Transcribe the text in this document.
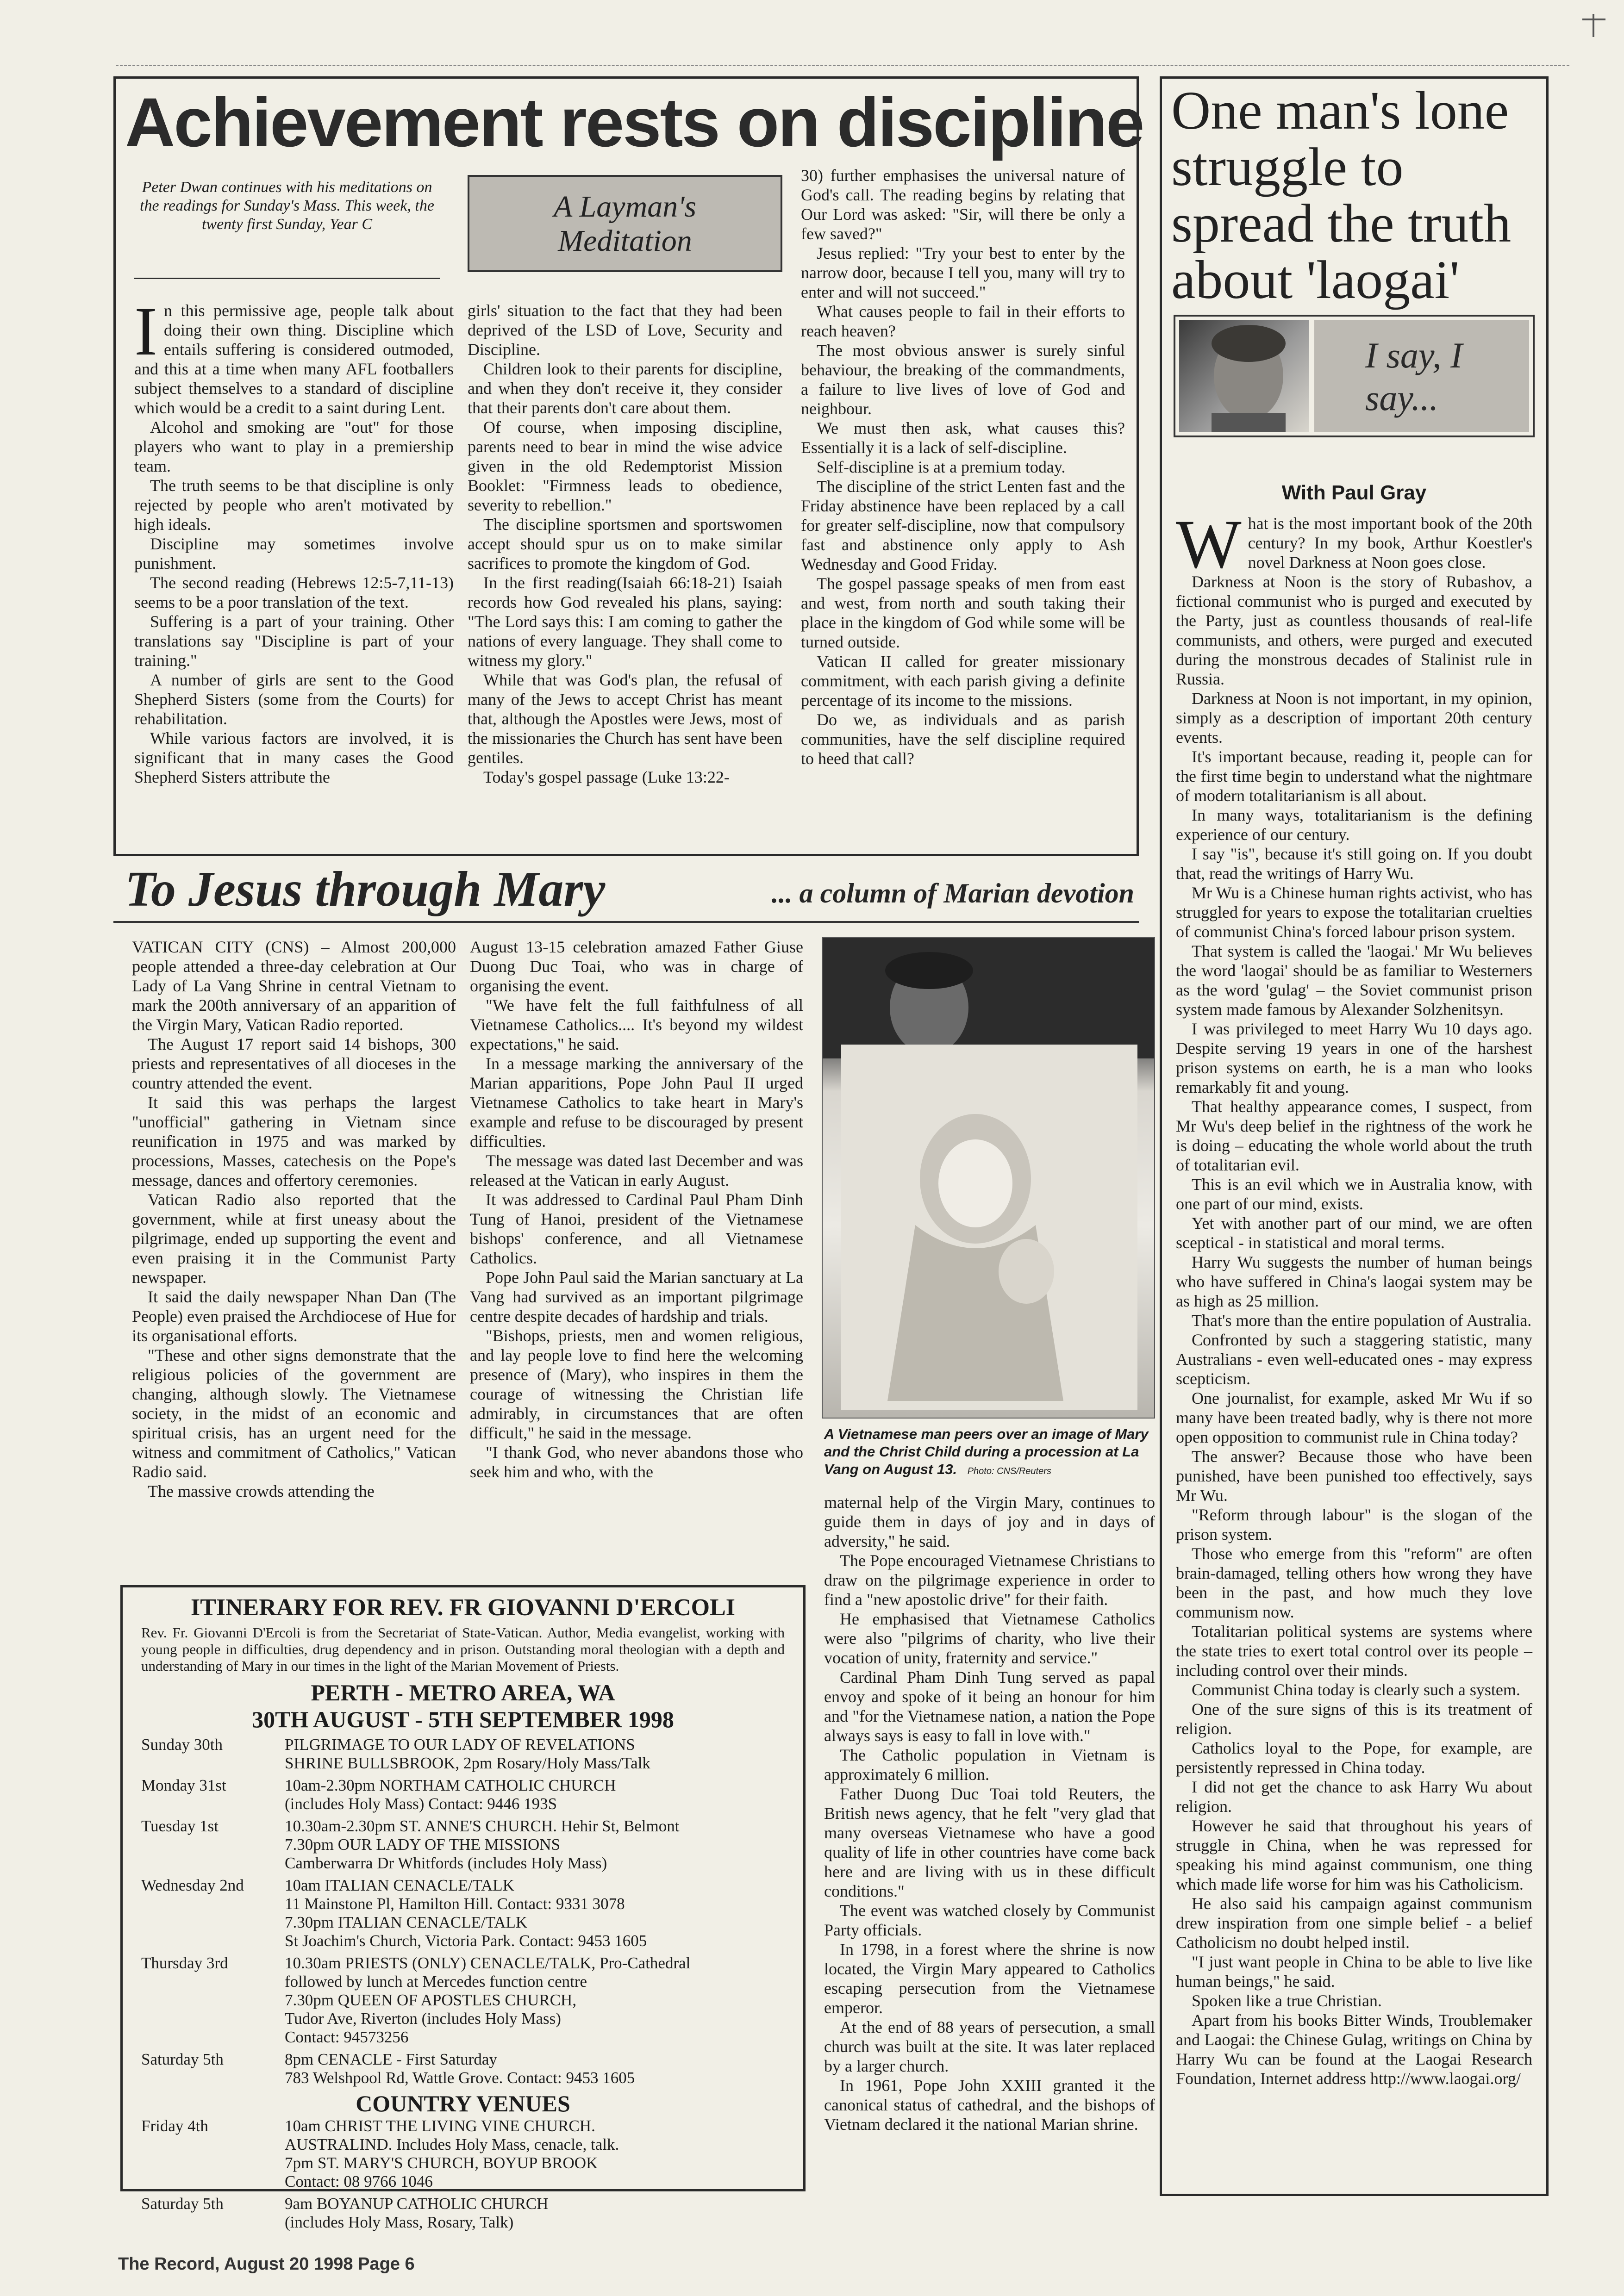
Achievement rests on discipline
Peter Dwan continues with his meditations on the readings for Sunday's Mass. This week, the twenty first Sunday, Year C
A Layman's Meditation
I n this permissive age, people talk about doing their own thing. Discipline which entails suffering is considered outmoded, and this at a time when many AFL footballers subject themselves to a standard of discipline which would be a credit to a saint during Lent.

Alcohol and smoking are "out" for those players who want to play in a premiership team.

The truth seems to be that discipline is only rejected by people who aren't motivated by high ideals.

Discipline may sometimes involve punishment.

The second reading (Hebrews 12:5-7,11-13) seems to be a poor translation of the text.

Suffering is a part of your training. Other translations say "Discipline is part of your training."

A number of girls are sent to the Good Shepherd Sisters (some from the Courts) for rehabilitation.

While various factors are involved, it is significant that in many cases the Good Shepherd Sisters attribute the

girls' situation to the fact that they had been deprived of the LSD of Love, Security and Discipline.

Children look to their parents for discipline, and when they don't receive it, they consider that their parents don't care about them.

Of course, when imposing discipline, parents need to bear in mind the wise advice given in the old Redemptorist Mission Booklet: "Firmness leads to obedience, severity to rebellion."

The discipline sportsmen and sportswomen accept should spur us on to make similar sacrifices to promote the kingdom of God.

In the first reading(Isaiah 66:18-21) Isaiah records how God revealed his plans, saying: "The Lord says this: I am coming to gather the nations of every language. They shall come to witness my glory."

While that was God's plan, the refusal of many of the Jews to accept Christ has meant that, although the Apostles were Jews, most of the missionaries the Church has sent have been gentiles.

Today's gospel passage (Luke 13:22-

30) further emphasises the universal nature of God's call. The reading begins by relating that Our Lord was asked: "Sir, will there be only a few saved?"

Jesus replied: "Try your best to enter by the narrow door, because I tell you, many will try to enter and will not succeed."

What causes people to fail in their efforts to reach heaven?

The most obvious answer is surely sinful behaviour, the breaking of the commandments, a failure to live lives of love of God and neighbour.

We must then ask, what causes this? Essentially it is a lack of self-discipline.

Self-discipline is at a premium today.

The discipline of the strict Lenten fast and the Friday abstinence have been replaced by a call for greater self-discipline, now that compulsory fast and abstinence only apply to Ash Wednesday and Good Friday.

The gospel passage speaks of men from east and west, from north and south taking their place in the kingdom of God while some will be turned outside.

Vatican II called for greater missionary commitment, with each parish giving a definite percentage of its income to the missions.

Do we, as individuals and as parish communities, have the self discipline required to heed that call?

To Jesus through Mary	... a column of Marian devotion

VATICAN CITY (CNS) – Almost 200,000 people attended a three-day celebration at Our Lady of La Vang Shrine in central Vietnam to mark the 200th anniversary of an apparition of the Virgin Mary, Vatican Radio reported.

The August 17 report said 14 bishops, 300 priests and representatives of all dioceses in the country attended the event.

It said this was perhaps the largest "unofficial" gathering in Vietnam since reunification in 1975 and was marked by processions, Masses, catechesis on the Pope's message, dances and offertory ceremonies.

Vatican Radio also reported that the government, while at first uneasy about the pilgrimage, ended up supporting the event and even praising it in the Communist Party newspaper.

It said the daily newspaper Nhan Dan (The People) even praised the Archdiocese of Hue for its organisational efforts.

"These and other signs demonstrate that the religious policies of the government are changing, although slowly. The Vietnamese society, in the midst of an economic and spiritual crisis, has an urgent need for the witness and commitment of Catholics," Vatican Radio said.

The massive crowds attending the

August 13-15 celebration amazed Father Giuse Duong Duc Toai, who was in charge of organising the event.

"We have felt the full faithfulness of all Vietnamese Catholics.... It's beyond my wildest expectations," he said.

In a message marking the anniversary of the Marian apparitions, Pope John Paul II urged Vietnamese Catholics to take heart in Mary's example and refuse to be discouraged by present difficulties.

The message was dated last December and was released at the Vatican in early August.

It was addressed to Cardinal Paul Pham Dinh Tung of Hanoi, president of the Vietnamese bishops' conference, and all Vietnamese Catholics.

Pope John Paul said the Marian sanctuary at La Vang had survived as an important pilgrimage centre despite decades of hardship and trials.

"Bishops, priests, men and women religious, and lay people love to find here the welcoming presence of (Mary), who inspires in them the courage of witnessing the Christian life admirably, in circumstances that are often difficult," he said in the message.

"I thank God, who never abandons those who seek him and who, with the

A Vietnamese man peers over an image of Mary and the Christ Child during a procession at La Vang on August 13. Photo: CNS/Reuters

maternal help of the Virgin Mary, continues to guide them in days of joy and in days of adversity," he said.

The Pope encouraged Vietnamese Christians to draw on the pilgrimage experience in order to find a "new apostolic drive" for their faith.

He emphasised that Vietnamese Catholics were also "pilgrims of charity, who live their vocation of unity, fraternity and service."

Cardinal Pham Dinh Tung served as papal envoy and spoke of it being an honour for him and "for the Vietnamese nation, a nation the Pope always says is easy to fall in love with."

The Catholic population in Vietnam is approximately 6 million.

Father Duong Duc Toai told Reuters, the British news agency, that he felt "very glad that many overseas Vietnamese who have a good quality of life in other countries have come back here and are living with us in these difficult conditions."

The event was watched closely by Communist Party officials.

In 1798, in a forest where the shrine is now located, the Virgin Mary appeared to Catholics escaping persecution from the Vietnamese emperor.

At the end of 88 years of persecution, a small church was built at the site. It was later replaced by a larger church.

In 1961, Pope John XXIII granted it the canonical status of cathedral, and the bishops of Vietnam declared it the national Marian shrine.

ITINERARY FOR REV. FR GIOVANNI D'ERCOLI
Rev. Fr. Giovanni D'Ercoli is from the Secretariat of State-Vatican. Author, Media evangelist, working with young people in difficulties, drug dependency and in prison. Outstanding moral theologian with a depth and understanding of Mary in our times in the light of the Marian Movement of Priests.
PERTH - METRO AREA, WA
30TH AUGUST - 5TH SEPTEMBER 1998
Sunday 30th	PILGRIMAGE TO OUR LADY OF REVELATIONS
SHRINE BULLSBROOK, 2pm Rosary/Holy Mass/Talk
Monday 31st	10am-2.30pm NORTHAM CATHOLIC CHURCH
(includes Holy Mass) Contact: 9446 193S
Tuesday 1st	10.30am-2.30pm ST. ANNE'S CHURCH. Hehir St, Belmont
7.30pm OUR LADY OF THE MISSIONS
Camberwarra Dr Whitfords (includes Holy Mass)
Wednesday 2nd	10am ITALIAN CENACLE/TALK
11 Mainstone Pl, Hamilton Hill. Contact: 9331 3078
7.30pm ITALIAN CENACLE/TALK
St Joachim's Church, Victoria Park. Contact: 9453 1605
Thursday 3rd	10.30am PRIESTS (ONLY) CENACLE/TALK, Pro-Cathedral
followed by lunch at Mercedes function centre
7.30pm QUEEN OF APOSTLES CHURCH,
Tudor Ave, Riverton (includes Holy Mass)
Contact: 94573256
Saturday 5th	8pm CENACLE - First Saturday
783 Welshpool Rd, Wattle Grove. Contact: 9453 1605
COUNTRY VENUES
Friday 4th	10am CHRIST THE LIVING VINE CHURCH.
AUSTRALIND. Includes Holy Mass, cenacle, talk.
7pm ST. MARY'S CHURCH, BOYUP BROOK
Contact: 08 9766 1046
Saturday 5th	9am BOYANUP CATHOLIC CHURCH
(includes Holy Mass, Rosary, Talk)
One man's lone struggle to spread the truth about 'laogai'
I say, I say...
With Paul Gray
W hat is the most important book of the 20th century? In my book, Arthur Koestler's novel Darkness at Noon goes close.

Darkness at Noon is the story of Rubashov, a fictional communist who is purged and executed by the Party, just as countless thousands of real-life communists, and others, were purged and executed during the monstrous decades of Stalinist rule in Russia.

Darkness at Noon is not important, in my opinion, simply as a description of important 20th century events.

It's important because, reading it, people can for the first time begin to understand what the nightmare of modern totalitarianism is all about.

In many ways, totalitarianism is the defining experience of our century.

I say "is", because it's still going on. If you doubt that, read the writings of Harry Wu.

Mr Wu is a Chinese human rights activist, who has struggled for years to expose the totalitarian cruelties of communist China's forced labour prison system.

That system is called the 'laogai.' Mr Wu believes the word 'laogai' should be as familiar to Westerners as the word 'gulag' – the Soviet communist prison system made famous by Alexander Solzhenitsyn.

I was privileged to meet Harry Wu 10 days ago. Despite serving 19 years in one of the harshest prison systems on earth, he is a man who looks remarkably fit and young.

That healthy appearance comes, I suspect, from Mr Wu's deep belief in the rightness of the work he is doing – educating the whole world about the truth of totalitarian evil.

This is an evil which we in Australia know, with one part of our mind, exists.

Yet with another part of our mind, we are often sceptical - in statistical and moral terms.

Harry Wu suggests the number of human beings who have suffered in China's laogai system may be as high as 25 million.

That's more than the entire population of Australia.

Confronted by such a staggering statistic, many Australians - even well-educated ones - may express scepticism.

One journalist, for example, asked Mr Wu if so many have been treated badly, why is there not more open opposition to communist rule in China today?

The answer? Because those who have been punished, have been punished too effectively, says Mr Wu.

"Reform through labour" is the slogan of the prison system.

Those who emerge from this "reform" are often brain-damaged, telling others how wrong they have been in the past, and how much they love communism now.

Totalitarian political systems are systems where the state tries to exert total control over its people – including control over their minds.

Communist China today is clearly such a system.

One of the sure signs of this is its treatment of religion.

Catholics loyal to the Pope, for example, are persistently repressed in China today.

I did not get the chance to ask Harry Wu about religion.

However he said that throughout his years of struggle in China, when he was repressed for speaking his mind against communism, one thing which made life worse for him was his Catholicism.

He also said his campaign against communism drew inspiration from one simple belief - a belief Catholicism no doubt helped instil.

"I just want people in China to be able to live like human beings," he said.

Spoken like a true Christian.

Apart from his books Bitter Winds, Troublemaker and Laogai: the Chinese Gulag, writings on China by Harry Wu can be found at the Laogai Research Foundation, Internet address http://www.laogai.org/

The Record, August 20 1998 Page 6
